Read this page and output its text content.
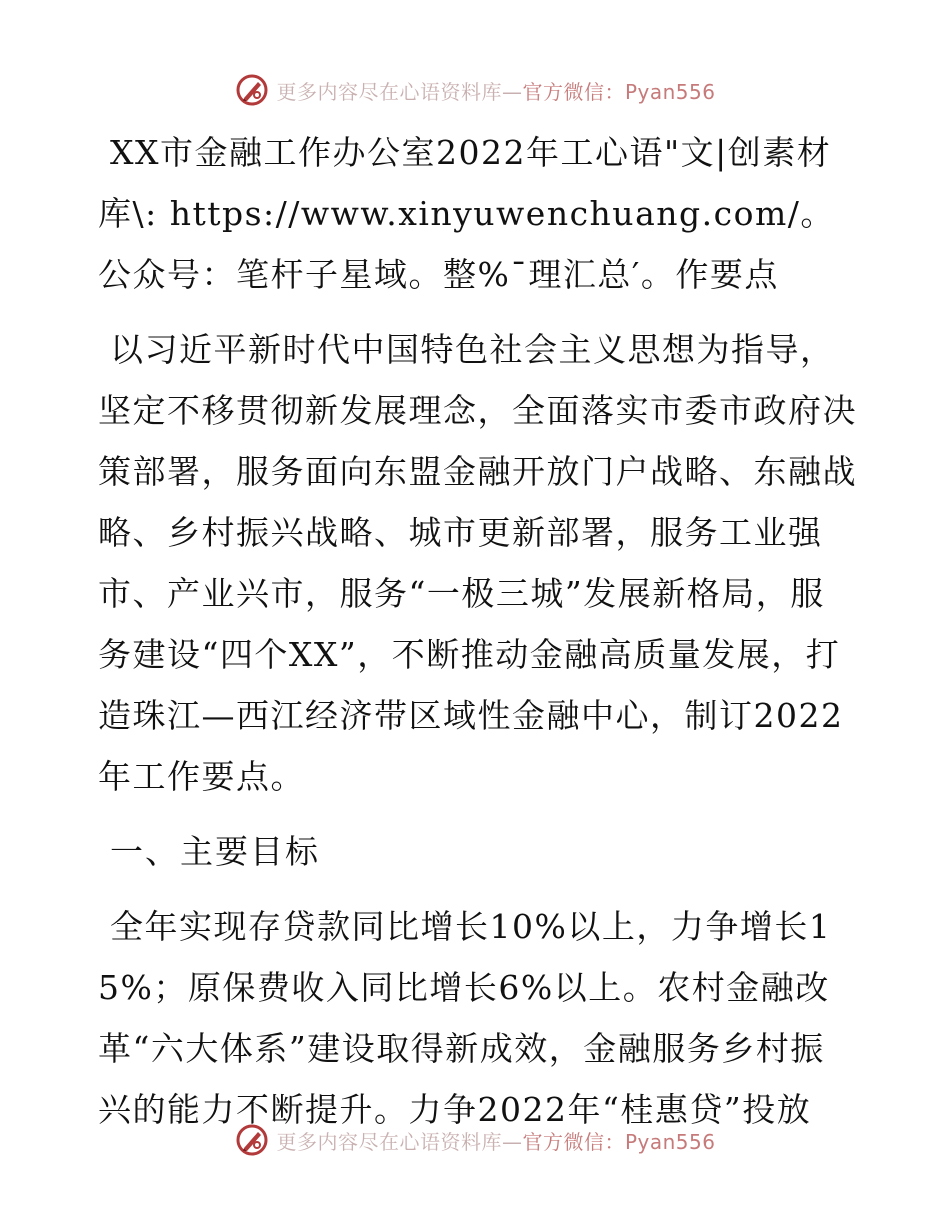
更多内容尽在心语资料库—官方微信：Pyan556

XX市金融工作办公室2022年工心语"文|创素材库\: https://www.xinyuwenchuang.com/。公众号：笔杆子星域。整%¯理汇总′。作要点

以习近平新时代中国特色社会主义思想为指导，坚定不移贯彻新发展理念，全面落实市委市政府决策部署，服务面向东盟金融开放门户战略、东融战略、乡村振兴战略、城市更新部署，服务工业强市、产业兴市，服务“一极三城”发展新格局，服务建设“四个XX”，不断推动金融高质量发展，打造珠江—西江经济带区域性金融中心，制订2022年工作要点。

一、主要目标

全年实现存贷款同比增长10%以上，力争增长15%；原保费收入同比增长6%以上。农村金融改革“六大体系”建设取得新成效，金融服务乡村振兴的能力不断提升。力争2022年“桂惠贷”投放

更多内容尽在心语资料库—官方微信：Pyan556
